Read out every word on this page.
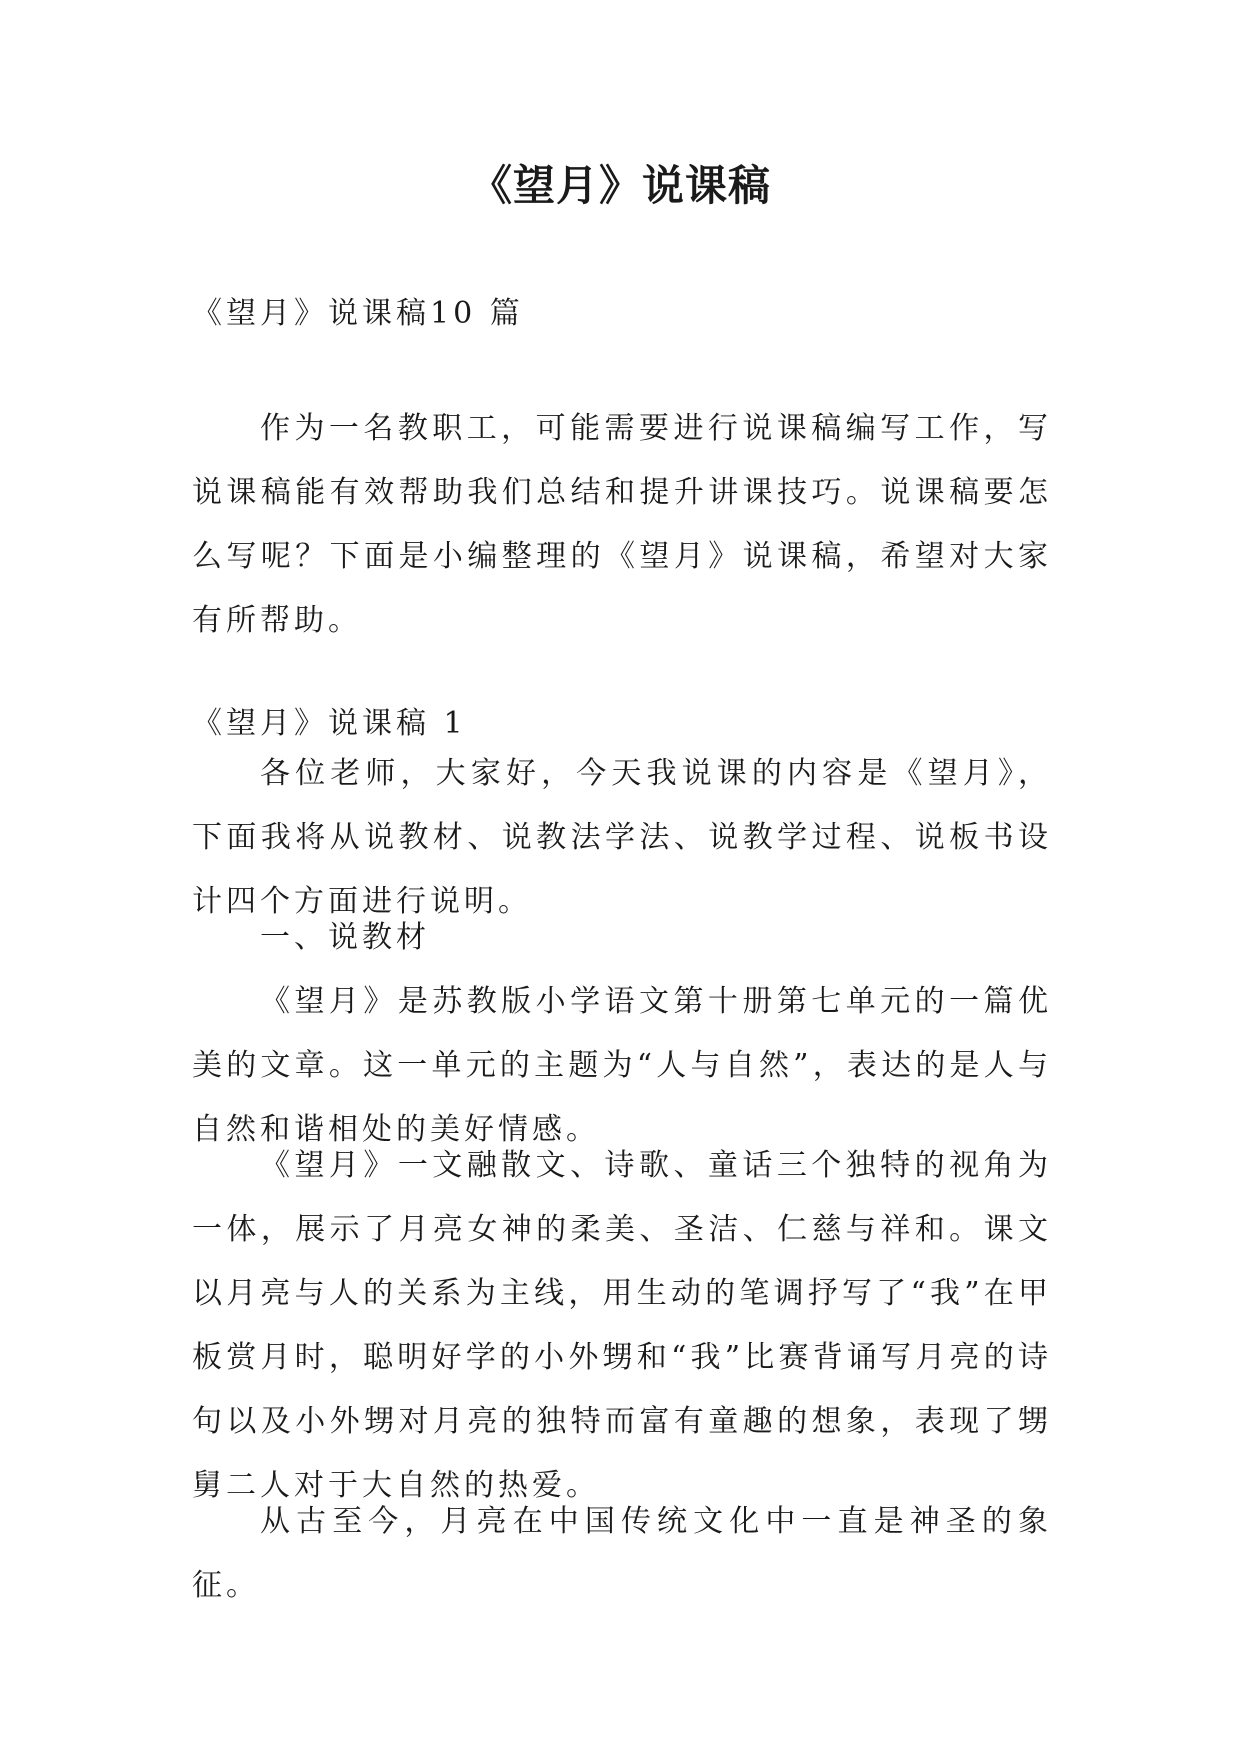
《望月》说课稿

《望月》说课稿10 篇

作为一名教职工，可能需要进行说课稿编写工作，写说课稿能有效帮助我们总结和提升讲课技巧。说课稿要怎么写呢？下面是小编整理的《望月》说课稿，希望对大家有所帮助。

《望月》说课稿 1

各位老师，大家好，今天我说课的内容是《望月》，下面我将从说教材、说教法学法、说教学过程、说板书设计四个方面进行说明。

一、说教材

《望月》是苏教版小学语文第十册第七单元的一篇优美的文章。这一单元的主题为“人与自然”，表达的是人与自然和谐相处的美好情感。

《望月》一文融散文、诗歌、童话三个独特的视角为一体，展示了月亮女神的柔美、圣洁、仁慈与祥和。课文以月亮与人的关系为主线，用生动的笔调抒写了“我”在甲板赏月时，聪明好学的小外甥和“我”比赛背诵写月亮的诗句以及小外甥对月亮的独特而富有童趣的想象，表现了甥舅二人对于大自然的热爱。

从古至今，月亮在中国传统文化中一直是神圣的象征。
